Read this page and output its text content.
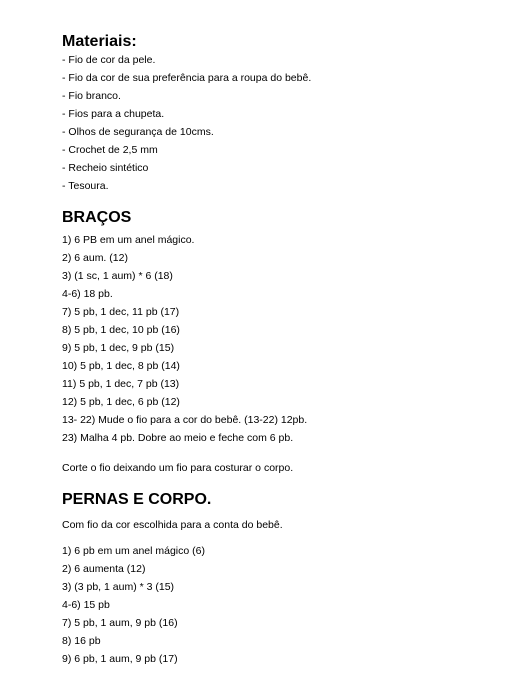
Materiais:
- Fio de cor da pele.
- Fio da cor de sua preferência para a roupa do bebê.
- Fio branco.
- Fios para a chupeta.
- Olhos de segurança de 10cms.
- Crochet de 2,5 mm
- Recheio sintético
- Tesoura.
BRAÇOS
1) 6 PB em um anel mágico.
2) 6 aum. (12)
3) (1 sc, 1 aum) * 6 (18)
4-6) 18 pb.
7) 5 pb, 1 dec, 11 pb (17)
8) 5 pb, 1 dec, 10 pb (16)
9) 5 pb, 1 dec, 9 pb (15)
10) 5 pb, 1 dec, 8 pb (14)
11) 5 pb, 1 dec, 7 pb (13)
12) 5 pb, 1 dec, 6 pb (12)
13- 22) Mude o fio para a cor do bebê. (13-22) 12pb.
23) Malha 4 pb. Dobre ao meio e feche com 6 pb.
Corte o fio deixando um fio para costurar o corpo.
PERNAS E CORPO.
Com fio da cor escolhida para a conta do bebê.
1) 6 pb em um anel mágico (6)
2) 6 aumenta (12)
3) (3 pb, 1 aum) * 3 (15)
4-6) 15 pb
7) 5 pb, 1 aum, 9 pb (16)
8) 16 pb
9) 6 pb, 1 aum, 9 pb (17)
